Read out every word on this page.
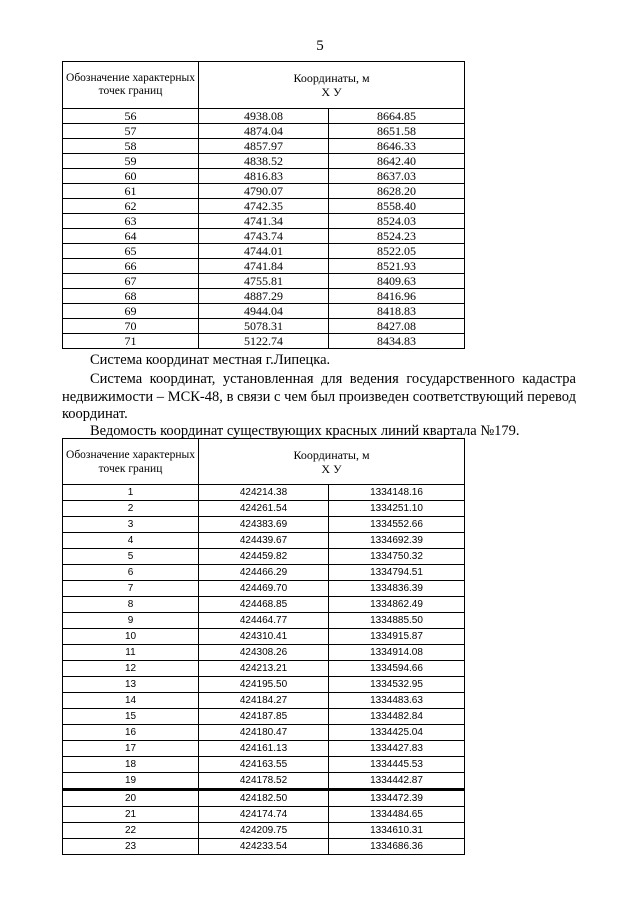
5
Обозначение характерных точек границ	Координаты, м
Х У	

56	4938.08	8664.85
57	4874.04	8651.58
58	4857.97	8646.33
59	4838.52	8642.40
60	4816.83	8637.03
61	4790.07	8628.20
62	4742.35	8558.40
63	4741.34	8524.03
64	4743.74	8524.23
65	4744.01	8522.05
66	4741.84	8521.93
67	4755.81	8409.63
68	4887.29	8416.96
69	4944.04	8418.83
70	5078.31	8427.08
71	5122.74	8434.83

Система координат местная г.Липецка.

Система координат, установленная для ведения государственного кадастра недвижимости – МСК-48, в связи с чем был произведен соответствующий перевод координат.

Ведомость координат существующих красных линий квартала №179.

Обозначение характерных точек границ	Координаты, м
Х У	

1	424214.38	1334148.16
2	424261.54	1334251.10
3	424383.69	1334552.66
4	424439.67	1334692.39
5	424459.82	1334750.32
6	424466.29	1334794.51
7	424469.70	1334836.39
8	424468.85	1334862.49
9	424464.77	1334885.50
10	424310.41	1334915.87
11	424308.26	1334914.08
12	424213.21	1334594.66
13	424195.50	1334532.95
14	424184.27	1334483.63
15	424187.85	1334482.84
16	424180.47	1334425.04
17	424161.13	1334427.83
18	424163.55	1334445.53
19	424178.52	1334442.87
20	424182.50	1334472.39
21	424174.74	1334484.65
22	424209.75	1334610.31
23	424233.54	1334686.36
